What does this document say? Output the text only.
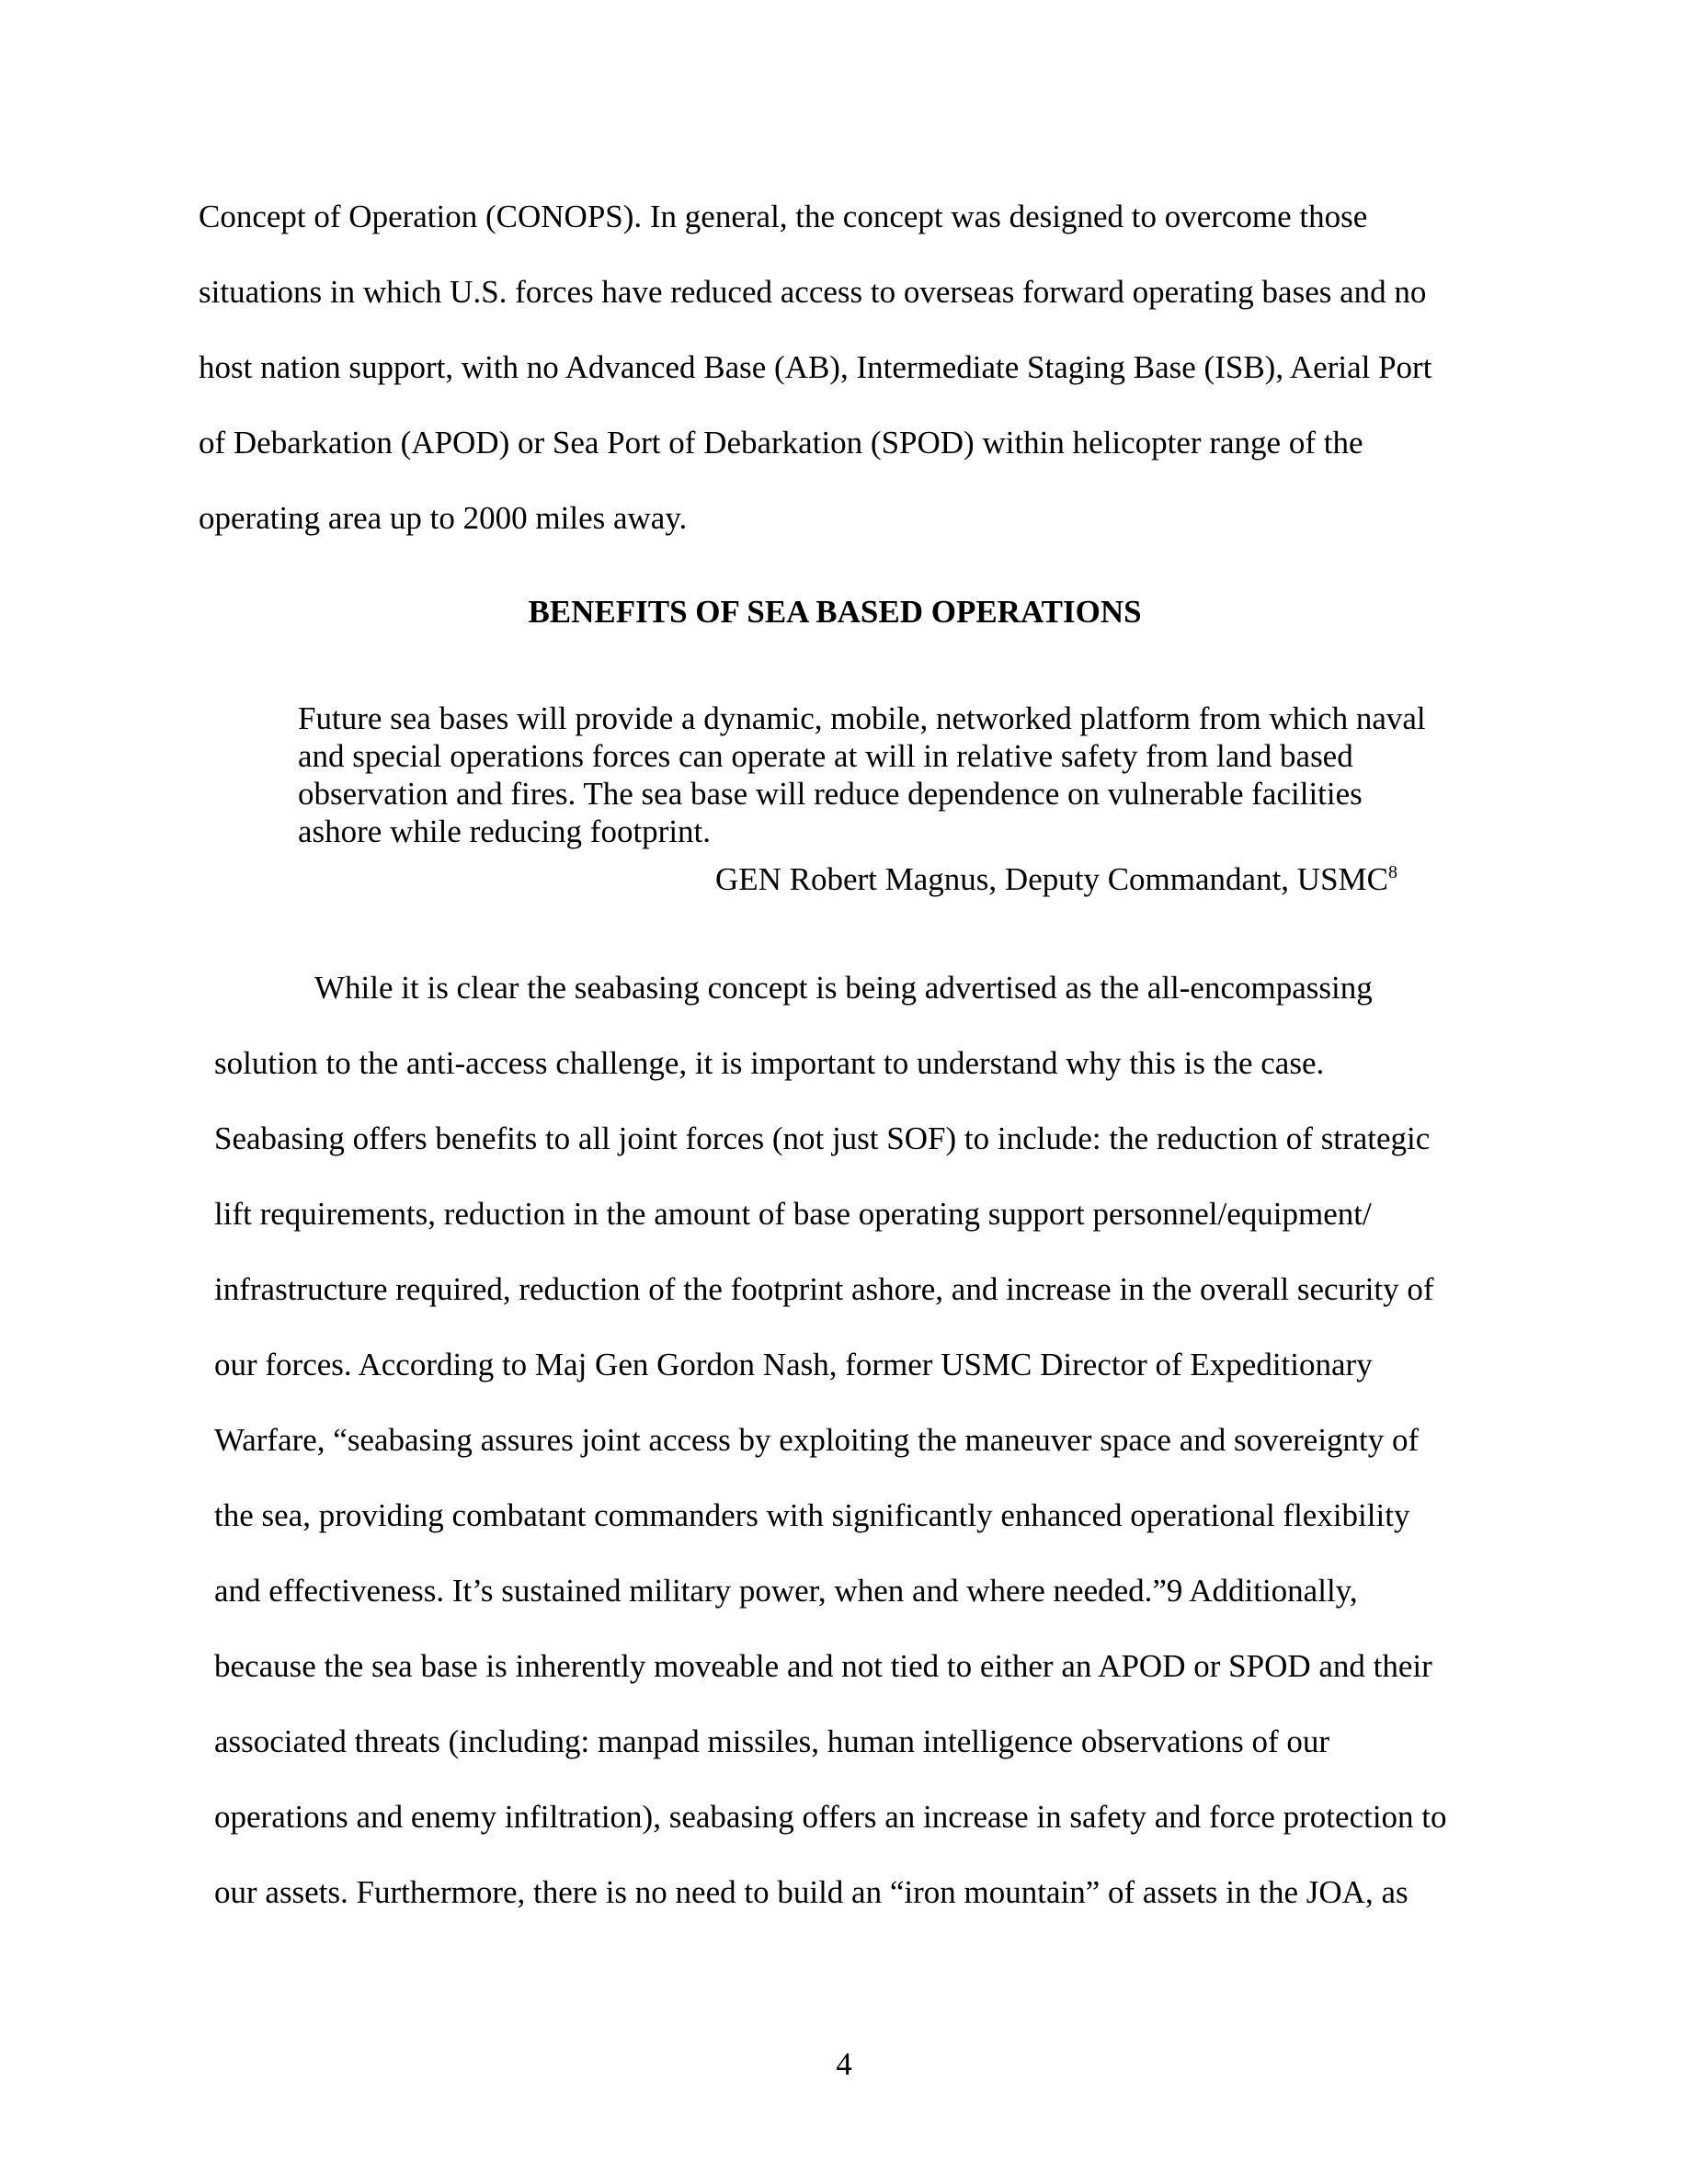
Concept of Operation (CONOPS). In general, the concept was designed to overcome those
situations in which U.S. forces have reduced access to overseas forward operating bases and no
host nation support, with no Advanced Base (AB), Intermediate Staging Base (ISB), Aerial Port
of Debarkation (APOD) or Sea Port of Debarkation (SPOD) within helicopter range of the
operating area up to 2000 miles away.
BENEFITS OF SEA BASED OPERATIONS
Future sea bases will provide a dynamic, mobile, networked platform from which naval
and special operations forces can operate at will in relative safety from land based
observation and fires. The sea base will reduce dependence on vulnerable facilities
ashore while reducing footprint.
GEN Robert Magnus, Deputy Commandant, USMC$^8$
While it is clear the seabasing concept is being advertised as the all-encompassing
solution to the anti-access challenge, it is important to understand why this is the case.
Seabasing offers benefits to all joint forces (not just SOF) to include: the reduction of strategic
lift requirements, reduction in the amount of base operating support personnel/equipment/
infrastructure required, reduction of the footprint ashore, and increase in the overall security of
our forces. According to Maj Gen Gordon Nash, former USMC Director of Expeditionary
Warfare, “seabasing assures joint access by exploiting the maneuver space and sovereignty of
the sea, providing combatant commanders with significantly enhanced operational flexibility
and effectiveness. It’s sustained military power, when and where needed.”9 Additionally,
because the sea base is inherently moveable and not tied to either an APOD or SPOD and their
associated threats (including: manpad missiles, human intelligence observations of our
operations and enemy infiltration), seabasing offers an increase in safety and force protection to
our assets. Furthermore, there is no need to build an “iron mountain” of assets in the JOA, as
4
